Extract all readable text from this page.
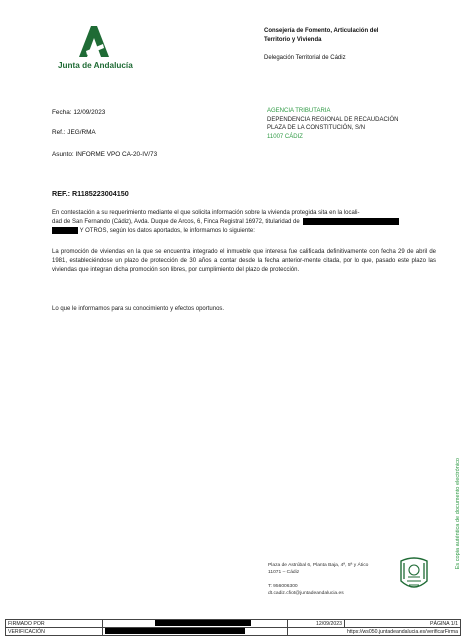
Junta de Andalucía
Consejería de Fomento, Articulación del
Territorio y Vivienda
Delegación Territorial de Cádiz
Fecha: 12/09/2023
Ref.: JEG/RMA
Asunto: INFORME VPO CA-20-IV/73
AGENCIA TRIBUTARIA
DEPENDENCIA REGIONAL DE RECAUDACIÓN
PLAZA DE LA CONSTITUCIÓN, S/N
11007 CÁDIZ
REF.: R1185223004150
En contestación a su requerimiento mediante el que solicita información sobre la vivienda protegida sita en la locali-
dad de San Fernando (Cádiz), Avda. Duque de Arcos, 6, Finca Registral 16972, titularidad de
Y OTROS, según los datos aportados, le informamos lo siguiente:
La promoción de viviendas en la que se encuentra integrado el inmueble que interesa fue calificada definitivamente con fecha 29 de abril de 1981, estableciéndose un plazo de protección de 30 años a contar desde la fecha anterior-mente citada, por lo que, pasado este plazo las viviendas que integran dicha promoción son libres, por cumplimiento del plazo de protección.
Lo que le informamos para su conocimiento y efectos oportunos.
Plaza de Astrúbal 6, Planta Baja, 4ª, 5ª y Ático
11071 – Cádiz
T: 956006300
dt.cadiz.cfiot@juntadeandalucia.es
Es copia auténtica de documento electrónico
FIRMADO POR		12/09/2023	PÁGINA 1/1
VERIFICACIÓN		https://ws050.juntadeandalucia.es/verificarFirma	
